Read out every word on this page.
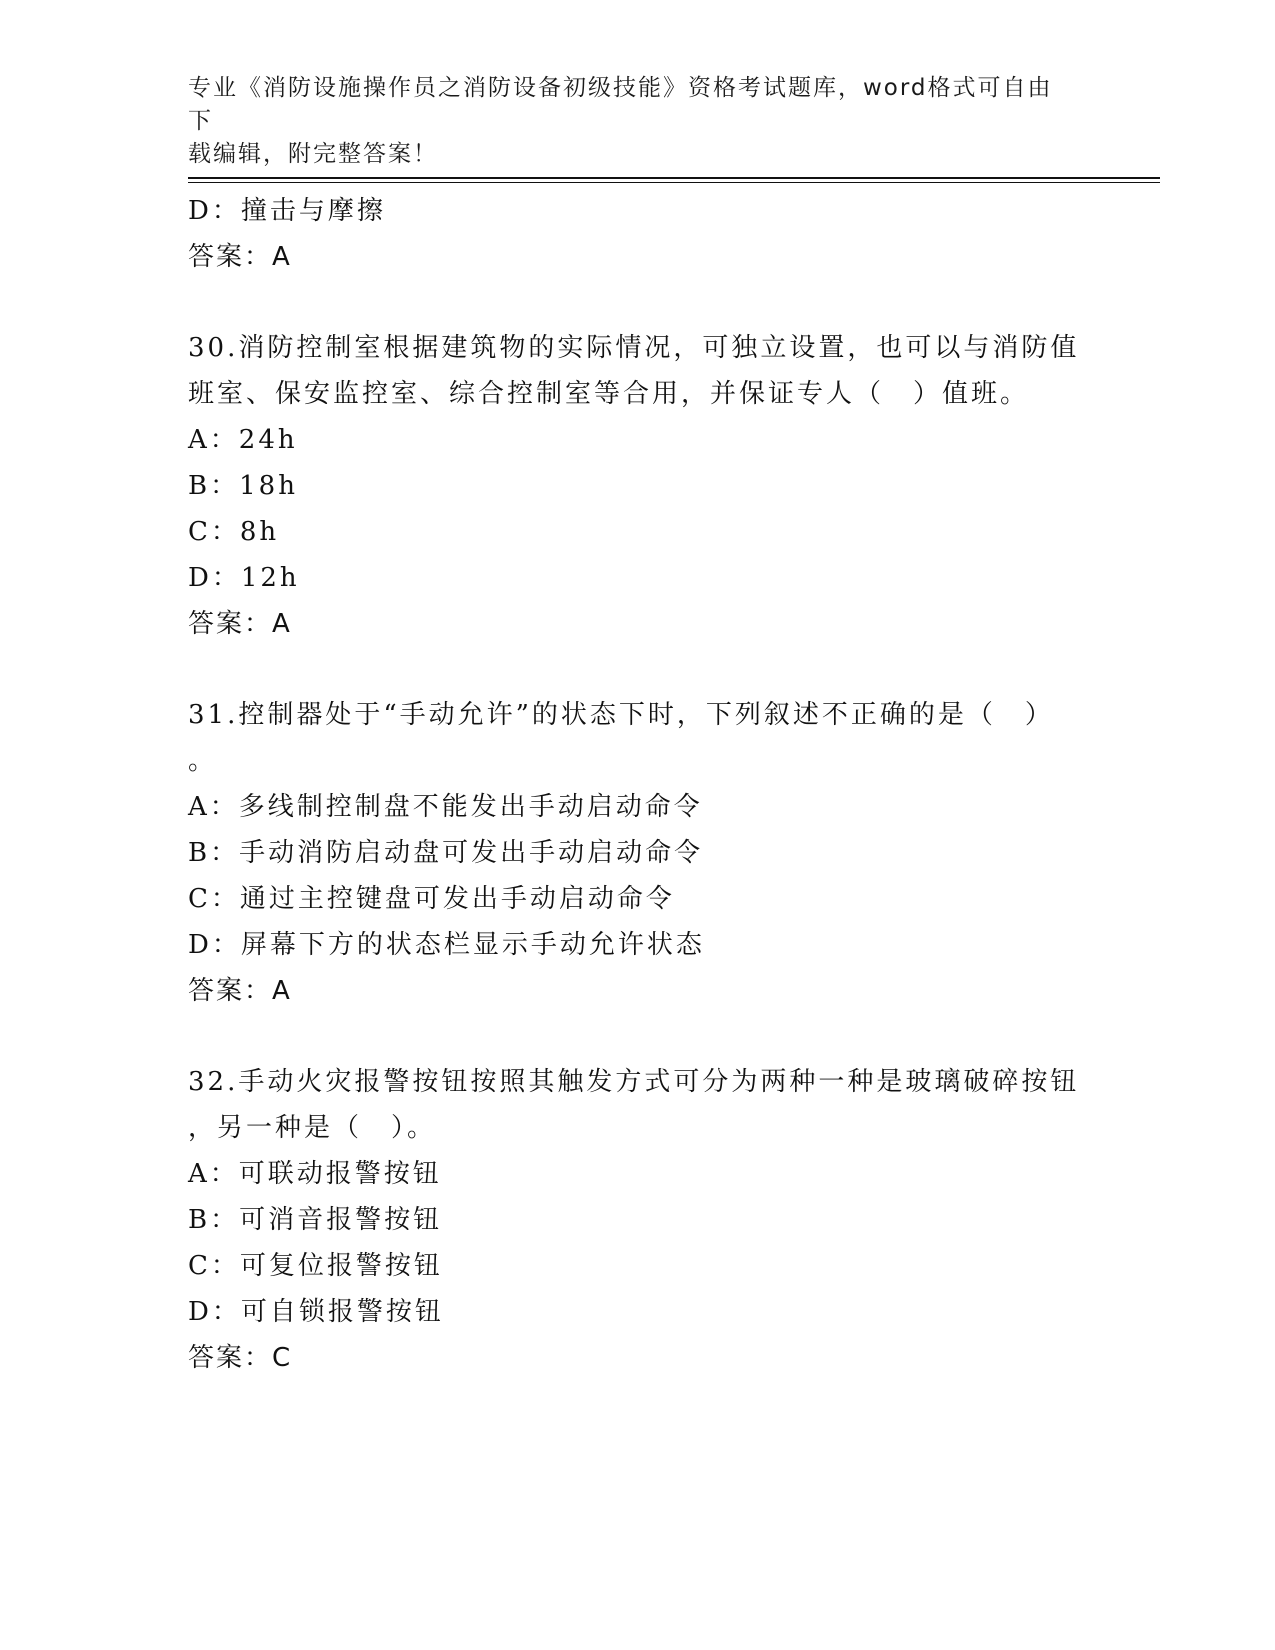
专业《消防设施操作员之消防设备初级技能》资格考试题库，word格式可自由下
载编辑，附完整答案！
D：撞击与摩擦
答案：A
30.消防控制室根据建筑物的实际情况，可独立设置，也可以与消防值
班室、保安监控室、综合控制室等合用，并保证专人（　）值班。
A：24h
B：18h
C：8h
D：12h
答案：A
31.控制器处于“手动允许”的状态下时，下列叙述不正确的是（　）
。
A：多线制控制盘不能发出手动启动命令
B：手动消防启动盘可发出手动启动命令
C：通过主控键盘可发出手动启动命令
D：屏幕下方的状态栏显示手动允许状态
答案：A
32.手动火灾报警按钮按照其触发方式可分为两种一种是玻璃破碎按钮
，另一种是（　）。
A：可联动报警按钮
B：可消音报警按钮
C：可复位报警按钮
D：可自锁报警按钮
答案：C
